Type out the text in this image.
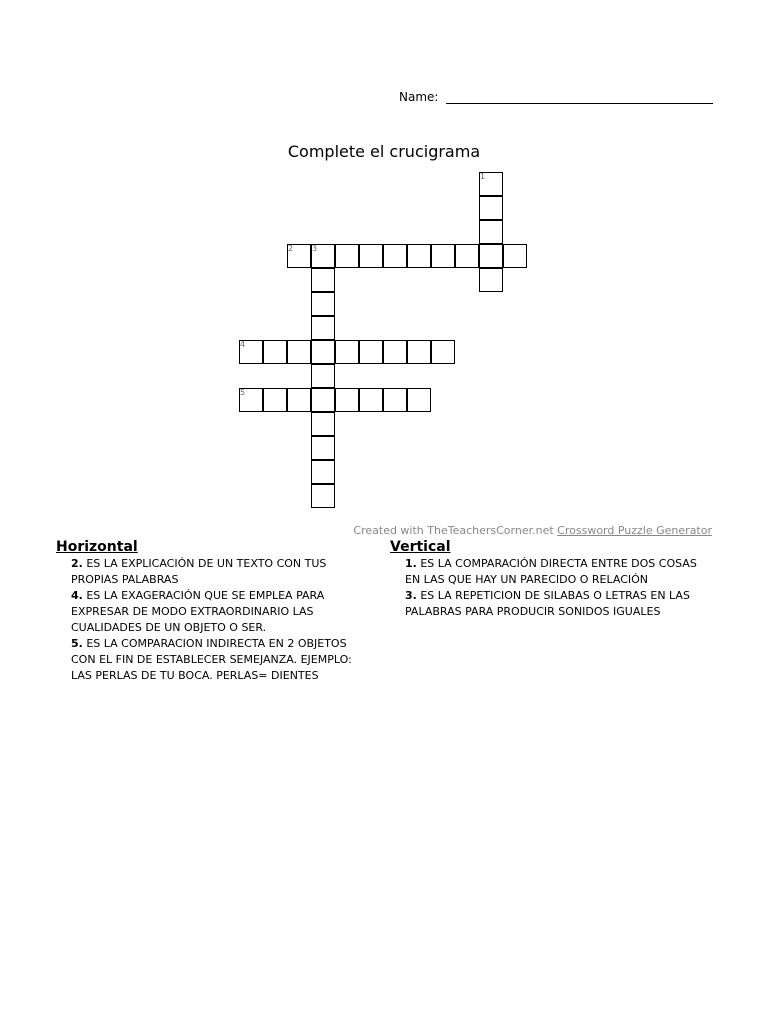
Name:
Complete el crucigrama
1
2 3
4
5
Created with TheTeachersCorner.net Crossword Puzzle Generator
Horizontal
2. ES LA EXPLICACIÓN DE UN TEXTO CON TUS PROPIAS PALABRAS
4. ES LA EXAGERACIÓN QUE SE EMPLEA PARA EXPRESAR DE MODO EXTRAORDINARIO LAS CUALIDADES DE UN OBJETO O SER.
5. ES LA COMPARACION INDIRECTA EN 2 OBJETOS CON EL FIN DE ESTABLECER SEMEJANZA. EJEMPLO: LAS PERLAS DE TU BOCA. PERLAS= DIENTES
Vertical
1. ES LA COMPARACIÓN DIRECTA ENTRE DOS COSAS EN LAS QUE HAY UN PARECIDO O RELACIÓN
3. ES LA REPETICION DE SILABAS O LETRAS EN LAS PALABRAS PARA PRODUCIR SONIDOS IGUALES
